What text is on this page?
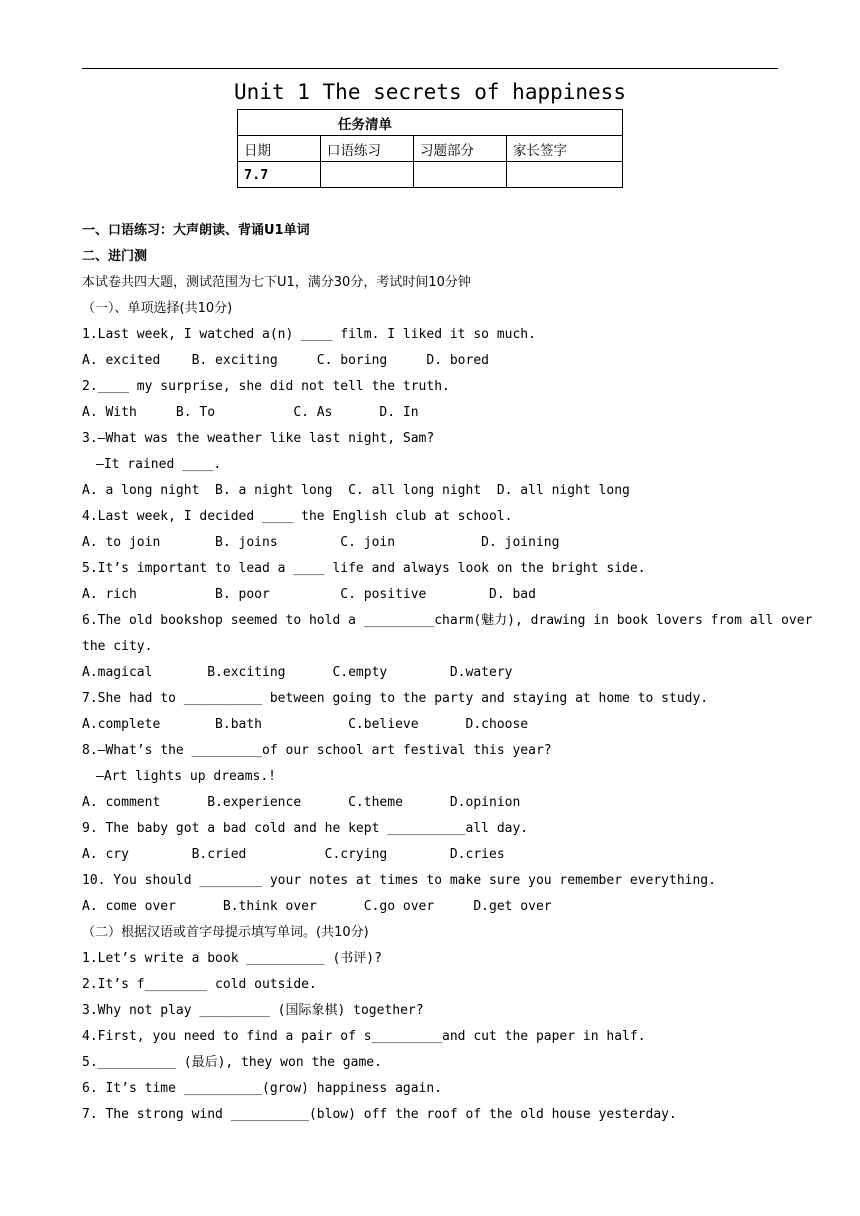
Unit 1 The secrets of happiness
任务清单			
日期	口语练习	习题部分	家长签字
7.7			
一、口语练习：大声朗读、背诵U1单词
二、进门测
本试卷共四大题，测试范围为七下U1，满分30分，考试时间10分钟
（一）、单项选择(共10分)
1.Last week, I watched a(n) ____ film. I liked it so much.
A. excited    B. exciting     C. boring     D. bored
2.____ my surprise, she did not tell the truth.
A. With     B. To          C. As      D. In
3.—What was the weather like last night, Sam?
—It rained ____.
A. a long night  B. a night long  C. all long night  D. all night long
4.Last week, I decided ____ the English club at school.
A. to join       B. joins        C. join           D. joining
5.It’s important to lead a ____ life and always look on the bright side.
A. rich          B. poor         C. positive        D. bad
6.The old bookshop seemed to hold a _________charm(魅力), drawing in book lovers from all over
the city.
A.magical       B.exciting      C.empty        D.watery
7.She had to __________ between going to the party and staying at home to study.
A.complete       B.bath           C.believe      D.choose
8.—What’s the _________of our school art festival this year?
—Art lights up dreams.!
A. comment      B.experience      C.theme      D.opinion
9. The baby got a bad cold and he kept __________all day.
A. cry        B.cried          C.crying        D.cries
10. You should ________ your notes at times to make sure you remember everything.
A. come over      B.think over      C.go over     D.get over
（二）根据汉语或首字母提示填写单词。(共10分)
1.Let’s write a book __________ (书评)?
2.It’s f________ cold outside.
3.Why not play _________ (国际象棋) together?
4.First, you need to find a pair of s_________and cut the paper in half.
5.__________ (最后), they won the game.
6. It’s time __________(grow) happiness again.
7. The strong wind __________(blow) off the roof of the old house yesterday.
